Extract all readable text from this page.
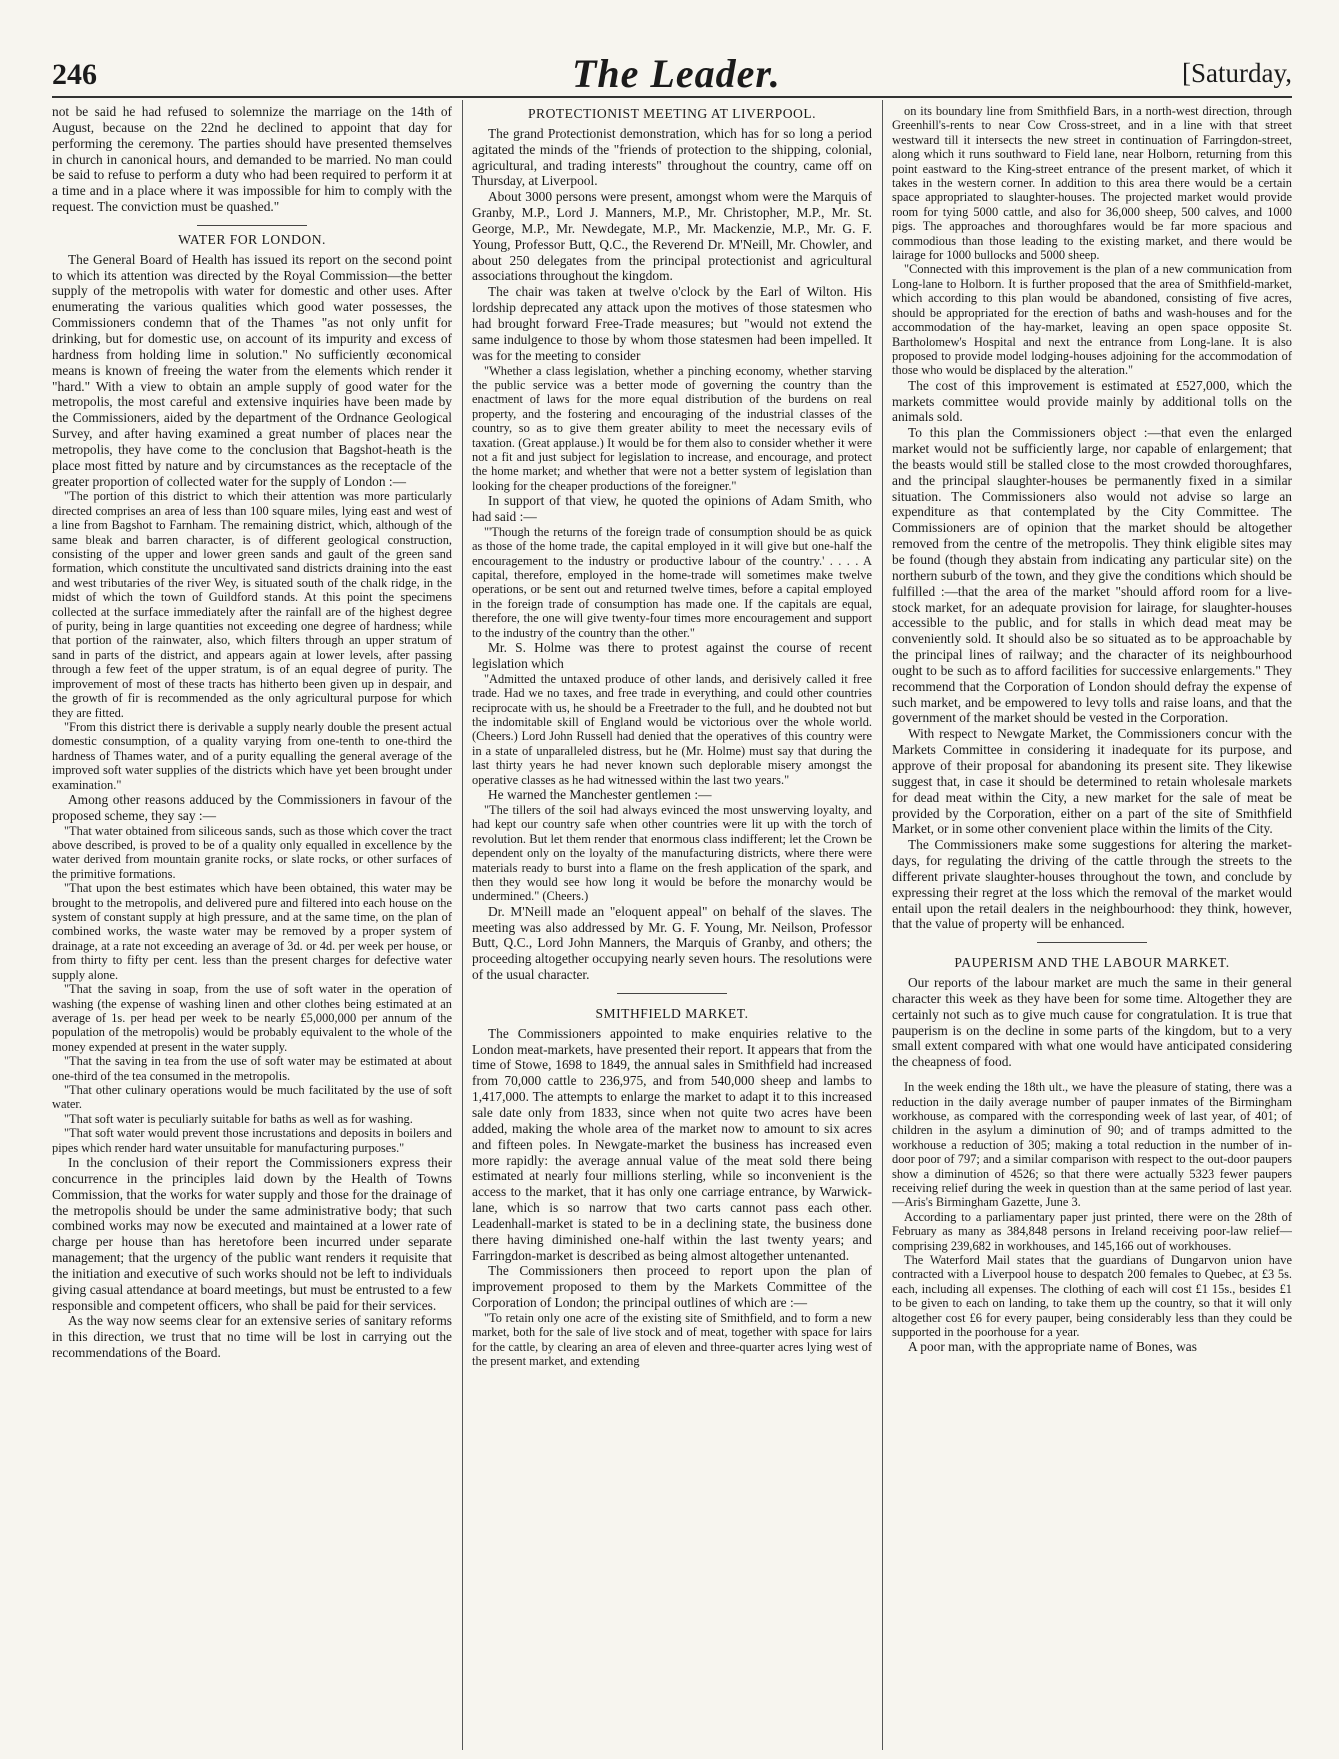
246	The Leader.	[Saturday,

not be said he had refused to solemnize the marriage on the 14th of August, because on the 22nd he declined to appoint that day for performing the ceremony. The parties should have presented themselves in church in canonical hours, and demanded to be married. No man could be said to refuse to perform a duty who had been required to perform it at a time and in a place where it was impossible for him to comply with the request. The conviction must be quashed."

WATER FOR LONDON.

The General Board of Health has issued its report on the second point to which its attention was directed by the Royal Commission—the better supply of the metropolis with water for domestic and other uses. After enumerating the various qualities which good water possesses, the Commissioners condemn that of the Thames "as not only unfit for drinking, but for domestic use, on account of its impurity and excess of hardness from holding lime in solution." No sufficiently œconomical means is known of freeing the water from the elements which render it "hard." With a view to obtain an ample supply of good water for the metropolis, the most careful and extensive inquiries have been made by the Commissioners, aided by the department of the Ordnance Geological Survey, and after having examined a great number of places near the metropolis, they have come to the conclusion that Bagshot-heath is the place most fitted by nature and by circumstances as the receptacle of the greater proportion of collected water for the supply of London :—

"The portion of this district to which their attention was more particularly directed comprises an area of less than 100 square miles, lying east and west of a line from Bagshot to Farnham. The remaining district, which, although of the same bleak and barren character, is of different geological construction, consisting of the upper and lower green sands and gault of the green sand formation, which constitute the uncultivated sand districts draining into the east and west tributaries of the river Wey, is situated south of the chalk ridge, in the midst of which the town of Guildford stands. At this point the specimens collected at the surface immediately after the rainfall are of the highest degree of purity, being in large quantities not exceeding one degree of hardness; while that portion of the rainwater, also, which filters through an upper stratum of sand in parts of the district, and appears again at lower levels, after passing through a few feet of the upper stratum, is of an equal degree of purity. The improvement of most of these tracts has hitherto been given up in despair, and the growth of fir is recommended as the only agricultural purpose for which they are fitted.

"From this district there is derivable a supply nearly double the present actual domestic consumption, of a quality varying from one-tenth to one-third the hardness of Thames water, and of a purity equalling the general average of the improved soft water supplies of the districts which have yet been brought under examination."

Among other reasons adduced by the Commissioners in favour of the proposed scheme, they say :—

"That water obtained from siliceous sands, such as those which cover the tract above described, is proved to be of a quality only equalled in excellence by the water derived from mountain granite rocks, or slate rocks, or other surfaces of the primitive formations.

"That upon the best estimates which have been obtained, this water may be brought to the metropolis, and delivered pure and filtered into each house on the system of constant supply at high pressure, and at the same time, on the plan of combined works, the waste water may be removed by a proper system of drainage, at a rate not exceeding an average of 3d. or 4d. per week per house, or from thirty to fifty per cent. less than the present charges for defective water supply alone.

"That the saving in soap, from the use of soft water in the operation of washing (the expense of washing linen and other clothes being estimated at an average of 1s. per head per week to be nearly £5,000,000 per annum of the population of the metropolis) would be probably equivalent to the whole of the money expended at present in the water supply.

"That the saving in tea from the use of soft water may be estimated at about one-third of the tea consumed in the metropolis.

"That other culinary operations would be much facilitated by the use of soft water.

"That soft water is peculiarly suitable for baths as well as for washing.

"That soft water would prevent those incrustations and deposits in boilers and pipes which render hard water unsuitable for manufacturing purposes."

In the conclusion of their report the Commissioners express their concurrence in the principles laid down by the Health of Towns Commission, that the works for water supply and those for the drainage of the metropolis should be under the same administrative body; that such combined works may now be executed and maintained at a lower rate of charge per house than has heretofore been incurred under separate management; that the urgency of the public want renders it requisite that the initiation and executive of such works should not be left to individuals giving casual attendance at board meetings, but must be entrusted to a few responsible and competent officers, who shall be paid for their services.

As the way now seems clear for an extensive series of sanitary reforms in this direction, we trust that no time will be lost in carrying out the recommendations of the Board.

PROTECTIONIST MEETING AT LIVERPOOL.

The grand Protectionist demonstration, which has for so long a period agitated the minds of the "friends of protection to the shipping, colonial, agricultural, and trading interests" throughout the country, came off on Thursday, at Liverpool.

About 3000 persons were present, amongst whom were the Marquis of Granby, M.P., Lord J. Manners, M.P., Mr. Christopher, M.P., Mr. St. George, M.P., Mr. Newdegate, M.P., Mr. Mackenzie, M.P., Mr. G. F. Young, Professor Butt, Q.C., the Reverend Dr. M'Neill, Mr. Chowler, and about 250 delegates from the principal protectionist and agricultural associations throughout the kingdom.

The chair was taken at twelve o'clock by the Earl of Wilton. His lordship deprecated any attack upon the motives of those statesmen who had brought forward Free-Trade measures; but "would not extend the same indulgence to those by whom those statesmen had been impelled. It was for the meeting to consider

"Whether a class legislation, whether a pinching economy, whether starving the public service was a better mode of governing the country than the enactment of laws for the more equal distribution of the burdens on real property, and the fostering and encouraging of the industrial classes of the country, so as to give them greater ability to meet the necessary evils of taxation. (Great applause.) It would be for them also to consider whether it were not a fit and just subject for legislation to increase, and encourage, and protect the home market; and whether that were not a better system of legislation than looking for the cheaper productions of the foreigner."

In support of that view, he quoted the opinions of Adam Smith, who had said :—

"'Though the returns of the foreign trade of consumption should be as quick as those of the home trade, the capital employed in it will give but one-half the encouragement to the industry or productive labour of the country.' . . . . A capital, therefore, employed in the home-trade will sometimes make twelve operations, or be sent out and returned twelve times, before a capital employed in the foreign trade of consumption has made one. If the capitals are equal, therefore, the one will give twenty-four times more encouragement and support to the industry of the country than the other."

Mr. S. Holme was there to protest against the course of recent legislation which

"Admitted the untaxed produce of other lands, and derisively called it free trade. Had we no taxes, and free trade in everything, and could other countries reciprocate with us, he should be a Freetrader to the full, and he doubted not but the indomitable skill of England would be victorious over the whole world. (Cheers.) Lord John Russell had denied that the operatives of this country were in a state of unparalleled distress, but he (Mr. Holme) must say that during the last thirty years he had never known such deplorable misery amongst the operative classes as he had witnessed within the last two years."

He warned the Manchester gentlemen :—

"The tillers of the soil had always evinced the most unswerving loyalty, and had kept our country safe when other countries were lit up with the torch of revolution. But let them render that enormous class indifferent; let the Crown be dependent only on the loyalty of the manufacturing districts, where there were materials ready to burst into a flame on the fresh application of the spark, and then they would see how long it would be before the monarchy would be undermined." (Cheers.)

Dr. M'Neill made an "eloquent appeal" on behalf of the slaves. The meeting was also addressed by Mr. G. F. Young, Mr. Neilson, Professor Butt, Q.C., Lord John Manners, the Marquis of Granby, and others; the proceeding altogether occupying nearly seven hours. The resolutions were of the usual character.

SMITHFIELD MARKET.

The Commissioners appointed to make enquiries relative to the London meat-markets, have presented their report. It appears that from the time of Stowe, 1698 to 1849, the annual sales in Smithfield had increased from 70,000 cattle to 236,975, and from 540,000 sheep and lambs to 1,417,000. The attempts to enlarge the market to adapt it to this increased sale date only from 1833, since when not quite two acres have been added, making the whole area of the market now to amount to six acres and fifteen poles. In Newgate-market the business has increased even more rapidly: the average annual value of the meat sold there being estimated at nearly four millions sterling, while so inconvenient is the access to the market, that it has only one carriage entrance, by Warwick-lane, which is so narrow that two carts cannot pass each other. Leadenhall-market is stated to be in a declining state, the business done there having diminished one-half within the last twenty years; and Farringdon-market is described as being almost altogether untenanted.

The Commissioners then proceed to report upon the plan of improvement proposed to them by the Markets Committee of the Corporation of London; the principal outlines of which are :—

"To retain only one acre of the existing site of Smithfield, and to form a new market, both for the sale of live stock and of meat, together with space for lairs for the cattle, by clearing an area of eleven and three-quarter acres lying west of the present market, and extending

on its boundary line from Smithfield Bars, in a north-west direction, through Greenhill's-rents to near Cow Cross-street, and in a line with that street westward till it intersects the new street in continuation of Farringdon-street, along which it runs southward to Field lane, near Holborn, returning from this point eastward to the King-street entrance of the present market, of which it takes in the western corner. In addition to this area there would be a certain space appropriated to slaughter-houses. The projected market would provide room for tying 5000 cattle, and also for 36,000 sheep, 500 calves, and 1000 pigs. The approaches and thoroughfares would be far more spacious and commodious than those leading to the existing market, and there would be lairage for 1000 bullocks and 5000 sheep.

"Connected with this improvement is the plan of a new communication from Long-lane to Holborn. It is further proposed that the area of Smithfield-market, which according to this plan would be abandoned, consisting of five acres, should be appropriated for the erection of baths and wash-houses and for the accommodation of the hay-market, leaving an open space opposite St. Bartholomew's Hospital and next the entrance from Long-lane. It is also proposed to provide model lodging-houses adjoining for the accommodation of those who would be displaced by the alteration."

The cost of this improvement is estimated at £527,000, which the markets committee would provide mainly by additional tolls on the animals sold.

To this plan the Commissioners object :—that even the enlarged market would not be sufficiently large, nor capable of enlargement; that the beasts would still be stalled close to the most crowded thoroughfares, and the principal slaughter-houses be permanently fixed in a similar situation. The Commissioners also would not advise so large an expenditure as that contemplated by the City Committee. The Commissioners are of opinion that the market should be altogether removed from the centre of the metropolis. They think eligible sites may be found (though they abstain from indicating any particular site) on the northern suburb of the town, and they give the conditions which should be fulfilled :—that the area of the market "should afford room for a live-stock market, for an adequate provision for lairage, for slaughter-houses accessible to the public, and for stalls in which dead meat may be conveniently sold. It should also be so situated as to be approachable by the principal lines of railway; and the character of its neighbourhood ought to be such as to afford facilities for successive enlargements." They recommend that the Corporation of London should defray the expense of such market, and be empowered to levy tolls and raise loans, and that the government of the market should be vested in the Corporation.

With respect to Newgate Market, the Commissioners concur with the Markets Committee in considering it inadequate for its purpose, and approve of their proposal for abandoning its present site. They likewise suggest that, in case it should be determined to retain wholesale markets for dead meat within the City, a new market for the sale of meat be provided by the Corporation, either on a part of the site of Smithfield Market, or in some other convenient place within the limits of the City.

The Commissioners make some suggestions for altering the market-days, for regulating the driving of the cattle through the streets to the different private slaughter-houses throughout the town, and conclude by expressing their regret at the loss which the removal of the market would entail upon the retail dealers in the neighbourhood: they think, however, that the value of property will be enhanced.

PAUPERISM AND THE LABOUR MARKET.

Our reports of the labour market are much the same in their general character this week as they have been for some time. Altogether they are certainly not such as to give much cause for congratulation. It is true that pauperism is on the decline in some parts of the kingdom, but to a very small extent compared with what one would have anticipated considering the cheapness of food.

In the week ending the 18th ult., we have the pleasure of stating, there was a reduction in the daily average number of pauper inmates of the Birmingham workhouse, as compared with the corresponding week of last year, of 401; of children in the asylum a diminution of 90; and of tramps admitted to the workhouse a reduction of 305; making a total reduction in the number of in-door poor of 797; and a similar comparison with respect to the out-door paupers show a diminution of 4526; so that there were actually 5323 fewer paupers receiving relief during the week in question than at the same period of last year.—Aris's Birmingham Gazette, June 3.

According to a parliamentary paper just printed, there were on the 28th of February as many as 384,848 persons in Ireland receiving poor-law relief—comprising 239,682 in workhouses, and 145,166 out of workhouses.

The Waterford Mail states that the guardians of Dungarvon union have contracted with a Liverpool house to despatch 200 females to Quebec, at £3 5s. each, including all expenses. The clothing of each will cost £1 15s., besides £1 to be given to each on landing, to take them up the country, so that it will only altogether cost £6 for every pauper, being considerably less than they could be supported in the poorhouse for a year.

A poor man, with the appropriate name of Bones, was
